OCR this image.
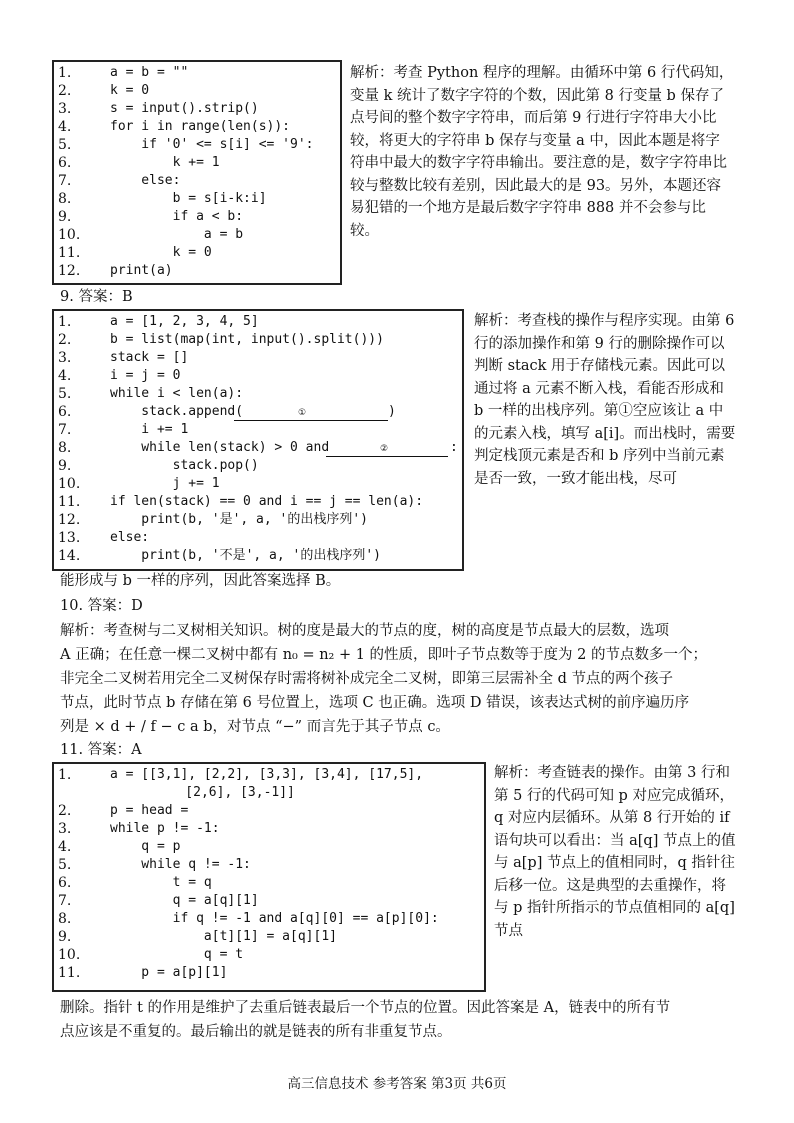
1.	a = b = ""
2.	k = 0
3.	s = input().strip()
4.	for i in range(len(s)):
5.	if '0' <= s[i] <= '9':
6.	k += 1
7.	else:
8.	b = s[i-k:i]
9.	if a < b:
10. a = b
11. k = 0
12. print(a)
解析：考查 Python 程序的理解。由循环中第 6 行代码知，变量 k 统计了数字字符的个数，因此第 8 行变量 b 保存了点号间的整个数字字符串，而后第 9 行进行字符串大小比较，将更大的字符串 b 保存与变量 a 中，因此本题是将字符串中最大的数字字符串输出。要注意的是，数字字符串比较与整数比较有差别，因此最大的是 93。另外，本题还容易犯错的一个地方是最后数字字符串 888 并不会参与比较。
9. 答案：B
1.	a = [1, 2, 3, 4, 5]
2.	b = list(map(int, input().split()))
3.	stack = []
4.	i = j = 0
5.	while i < len(a):
6.	stack.append(	①	)
7.	i += 1
8.	while len(stack) > 0 and	②	:
9.	stack.pop()
10. j += 1
11. if len(stack) == 0 and i == j == len(a):
12. print(b, '是', a, '的出栈序列')
13. else:
14. print(b, '不是', a, '的出栈序列')
解析：考查栈的操作与程序实现。由第 6 行的添加操作和第 9 行的删除操作可以判断 stack 用于存储栈元素。因此可以通过将 a 元素不断入栈，看能否形成和 b 一样的出栈序列。第①空应该让 a 中的元素入栈，填写 a[i]。而出栈时，需要判定栈顶元素是否和 b 序列中当前元素是否一致，一致才能出栈，尽可
能形成与 b 一样的序列，因此答案选择 B。
10. 答案：D
解析：考查树与二叉树相关知识。树的度是最大的节点的度，树的高度是节点最大的层数，选项
A 正确；在任意一棵二叉树中都有 n₀ = n₂ + 1 的性质，即叶子节点数等于度为 2 的节点数多一个；
非完全二叉树若用完全二叉树保存时需将树补成完全二叉树，即第三层需补全 d 节点的两个孩子
节点，此时节点 b 存储在第 6 号位置上，选项 C 也正确。选项 D 错误，该表达式树的前序遍历序
列是 × d + / f − c a b，对节点 “−” 而言先于其子节点 c。
11. 答案：A
1.	a = [[3,1], [2,2], [3,3], [3,4], [17,5],
[2,6], [3,-1]]
2.	p = head =
3.	while p != -1:
4.	q = p
5.	while q != -1:
6.	t = q
7.	q = a[q][1]
8.	if q != -1 and a[q][0] == a[p][0]:
9.	a[t][1] = a[q][1]
10. q = t
11. p = a[p][1]
解析：考查链表的操作。由第 3 行和第 5 行的代码可知 p 对应完成循环，q 对应内层循环。从第 8 行开始的 if 语句块可以看出：当 a[q] 节点上的值与 a[p] 节点上的值相同时，q 指针往后移一位。这是典型的去重操作，将与 p 指针所指示的节点值相同的 a[q] 节点
删除。指针 t 的作用是维护了去重后链表最后一个节点的位置。因此答案是 A，链表中的所有节
点应该是不重复的。最后输出的就是链表的所有非重复节点。
高三信息技术 参考答案 第3页 共6页
